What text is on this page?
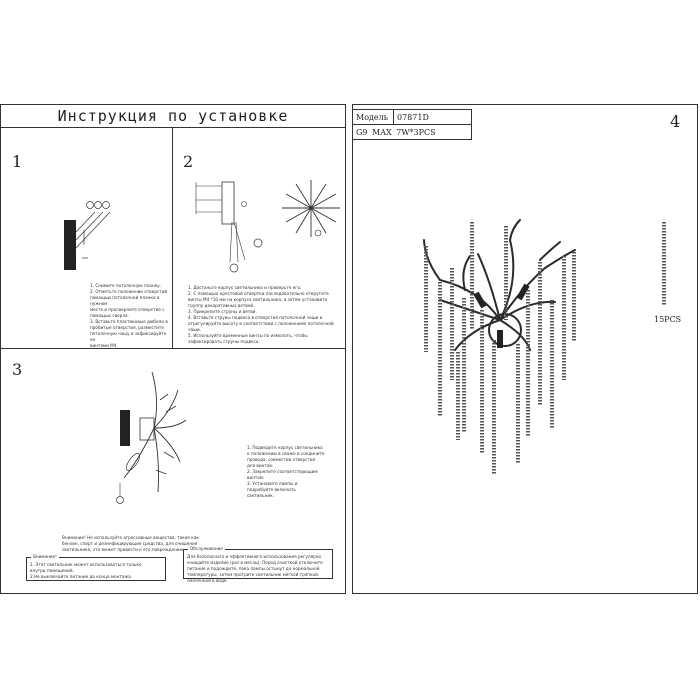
Инструкция по установке
1

1. Снимите потолочную планку.

2. Отметьте положение отверстий

помощью потолочной планки в нужном

месте и просверлите отверстие с

помощью сверла.

3. Вставьте пластиковые дюбели в

пробитые отверстия, разместите

потолочную чашу и зафиксируйте ее

винтами M4.

2

1. Достаньте корпус светильника и проверьте его.

2. С помощью крестовой отвертки последовательно открутите

винты M4 *10 мм на корпусе светильника, а затем установите

группу декоративных ветвей.

3. Прикрепите струны и ветви.

4. Вставьте струны подвеса в отверстия потолочной чаши и

отрегулируйте высоту в соответствии с положением потолочной

чаши.

5. Используйте временные винты по измолоть, чтобы

зафиксировать струны подвеса.

3

1. Подведите корпус светильника

к положению в сваже и соедините

провода, совместив отверстия

для винтов.

2. Закрепите соответствующим

винтом.

3. Установите лампы и

подробуйте включить

светильник.

Внимание! Не используйте агрессивные вещества, такие как

бензин, спирт и дезинфицирующие средства, для очищения

светильника, это может привести к его повреждению.

Внимание!

1. Этот светильник может использоваться только

внутри помещений.

2.Не выключайте питание до конца монтажа.

Обслуживание

Для безопасного и эффективного использования регулярно

очищайте изделие (раз в месяц). Перед очисткой отключите

питание и подождите, пока лампы остынут до нормальной

температуры, затем протрите светильник мягкой тряпкой,

смоченной в воде.

4
Модель 07871D
G9 MAX 7W*3PCS
15PCS
